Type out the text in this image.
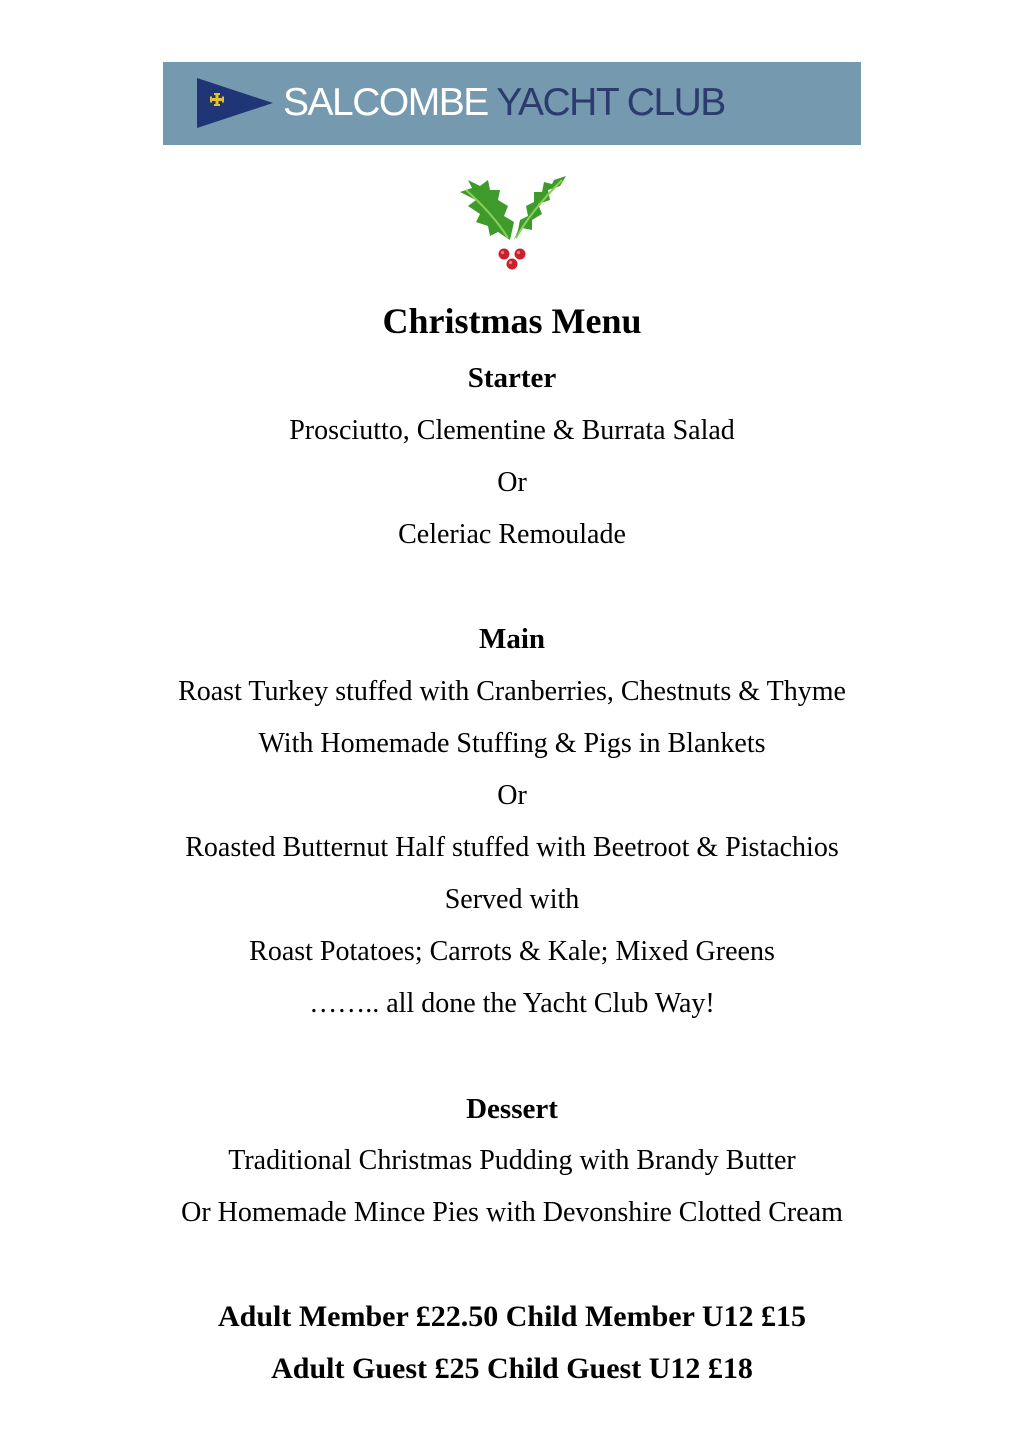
SALCOMBE YACHT CLUB
Christmas Menu
Starter
Prosciutto, Clementine & Burrata Salad
Or
Celeriac Remoulade
Main
Roast Turkey stuffed with Cranberries, Chestnuts & Thyme
With Homemade Stuffing & Pigs in Blankets
Or
Roasted Butternut Half stuffed with Beetroot & Pistachios
Served with
Roast Potatoes; Carrots & Kale; Mixed Greens
…….. all done the Yacht Club Way!
Dessert
Traditional Christmas Pudding with Brandy Butter
Or Homemade Mince Pies with Devonshire Clotted Cream
Adult Member £22.50 Child Member U12 £15
Adult Guest £25 Child Guest U12 £18
